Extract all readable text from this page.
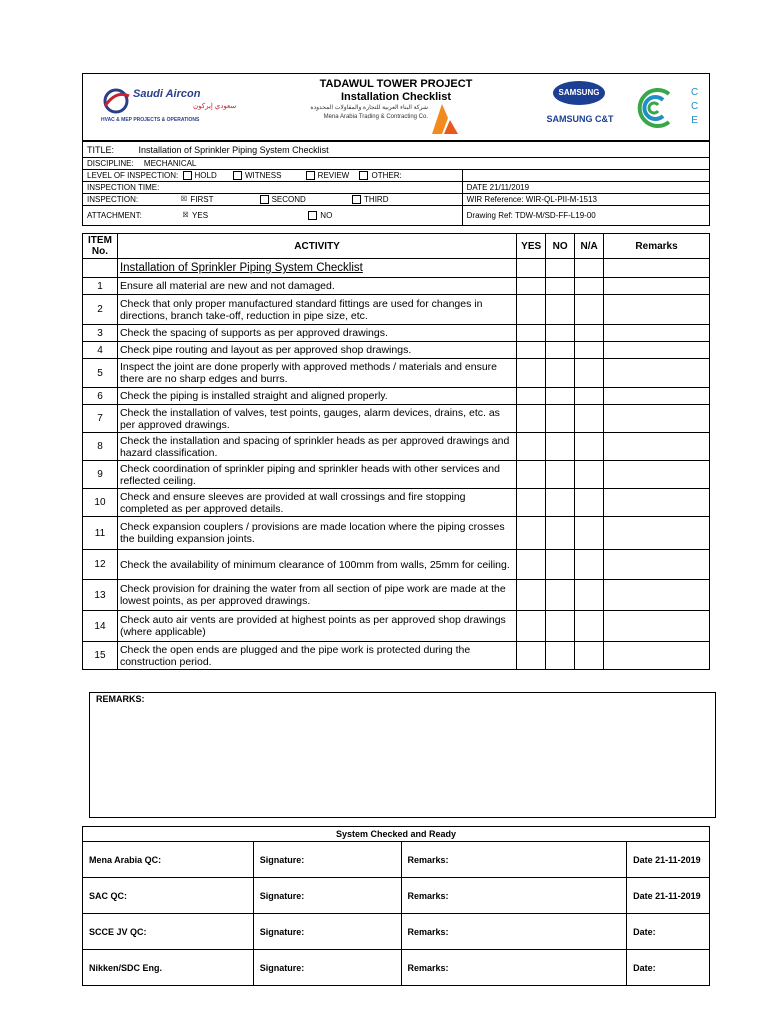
Saudi Aircon
سعودي إيركون
HVAC & MEP PROJECTS & OPERATIONS
TADAWUL TOWER PROJECT
Installation Checklist
شركة البناء العربية للتجارة والمقاولات المحدودة
Mena Arabia Trading & Contracting Co.
SAMSUNG
SAMSUNG C&T
C
C
E
TITLE: Installation of Sprinkler Piping System Checklist	
DISCIPLINE: MECHANICAL	
LEVEL OF INSPECTION: HOLD WITNESS REVIEW OTHER:	
INSPECTION TIME:	DATE 21/11/2019
INSPECTION: ☒ FIRST SECOND THIRD	WIR Reference: WIR-QL-PII-M-1513
ATTACHMENT: ☒ YES NO	Drawing Ref: TDW-M/SD-FF-L19-00
ITEM No.	ACTIVITY	YES	NO	N/A	Remarks
	Installation of Sprinkler Piping System Checklist				
1	Ensure all material are new and not damaged.				
2	Check that only proper manufactured standard fittings are used for changes in directions, branch take-off, reduction in pipe size, etc.				
3	Check the spacing of supports as per approved drawings.				
4	Check pipe routing and layout as per approved shop drawings.				
5	Inspect the joint are done properly with approved methods / materials and ensure there are no sharp edges and burrs.				
6	Check the piping is installed straight and aligned properly.				
7	Check the installation of valves, test points, gauges, alarm devices, drains, etc. as per approved drawings.				
8	Check the installation and spacing of sprinkler heads as per approved drawings and hazard classification.				
9	Check coordination of sprinkler piping and sprinkler heads with other services and reflected ceiling.				
10	Check and ensure sleeves are provided at wall crossings and fire stopping completed as per approved details.				
11	Check expansion couplers / provisions are made location where the piping crosses the building expansion joints.				
12	Check the availability of minimum clearance of 100mm from walls, 25mm for ceiling.				
13	Check provision for draining the water from all section of pipe work are made at the lowest points, as per approved drawings.				
14	Check auto air vents are provided at highest points as per approved shop drawings (where applicable)				
15	Check the open ends are plugged and the pipe work is protected during the construction period.				
REMARKS:
System Checked and Ready			
Mena Arabia QC:	Signature:	Remarks:	Date 21-11-2019
SAC QC:	Signature:	Remarks:	Date 21-11-2019
SCCE JV QC:	Signature:	Remarks:	Date:
Nikken/SDC Eng.	Signature:	Remarks:	Date:
